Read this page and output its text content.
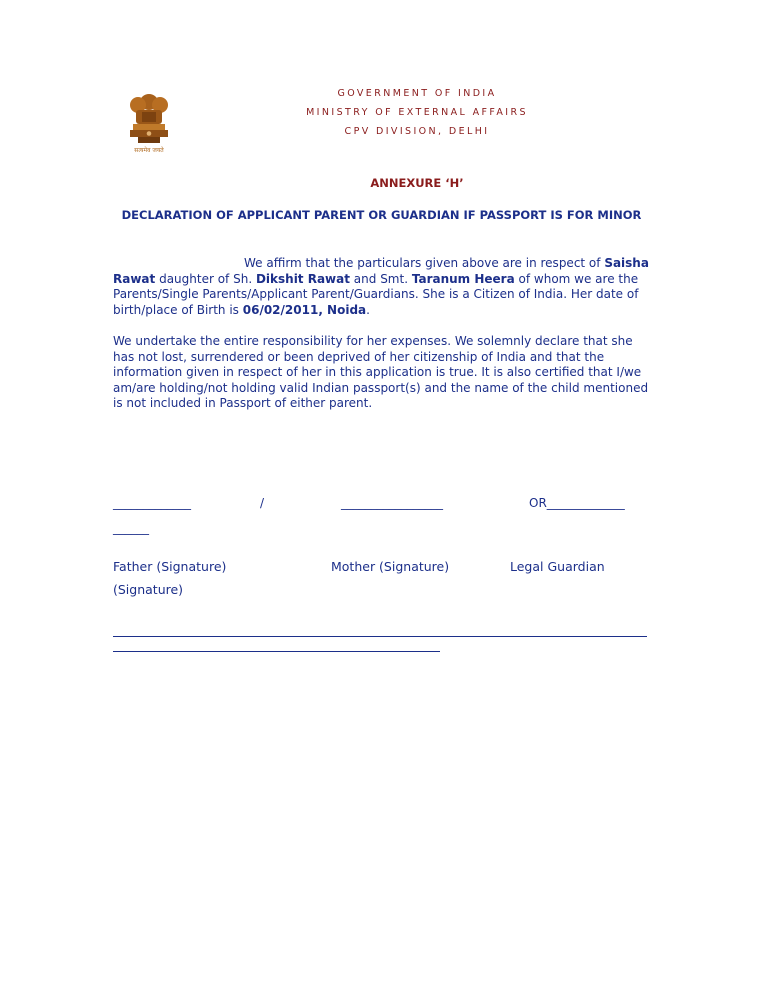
सत्यमेव जयते
GOVERNMENT OF INDIA
MINISTRY OF EXTERNAL AFFAIRS
CPV DIVISION, DELHI
ANNEXURE ‘H’
DECLARATION OF APPLICANT PARENT OR GUARDIAN IF PASSPORT IS FOR MINOR

We affirm that the particulars given above are in respect of Saisha Rawat daughter of Sh. Dikshit Rawat and Smt. Taranum Heera of whom we are the Parents/Single Parents/Applicant Parent/Guardians. She is a Citizen of India. Her date of birth/place of Birth is 06/02/2011, Noida.

We undertake the entire responsibility for her expenses. We solemnly declare that she has not lost, surrendered or been deprived of her citizenship of India and that the information given in respect of her in this application is true. It is also certified that I/we am/are holding/not holding valid Indian passport(s) and the name of the child mentioned is not included in Passport of either parent.

_____________	/	_________________	OR_____________
______
Father (Signature)	Mother (Signature)	Legal Guardian
(Signature)
